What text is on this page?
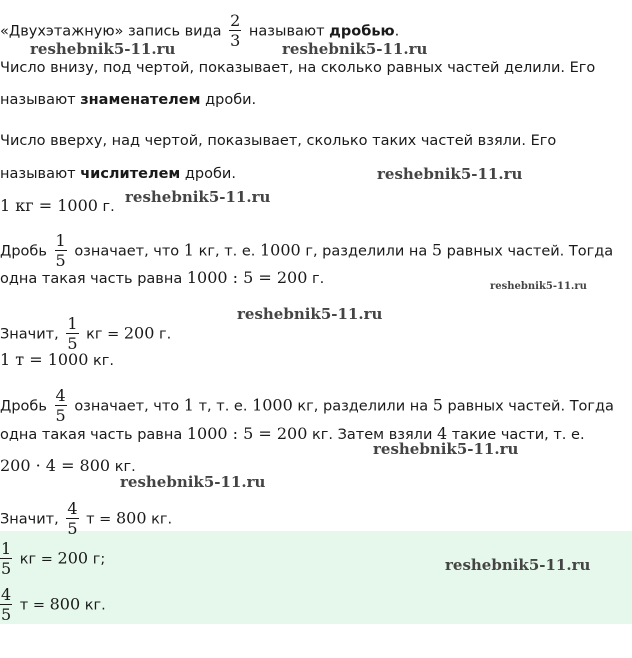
«Двухэтажную» запись вида $\frac{2}{3}$ называют дробью.
Число внизу, под чертой, показывает, на сколько равных частей делили. Его
называют знаменателем дроби.
Число вверху, над чертой, показывает, сколько таких частей взяли. Его
называют числителем дроби.
1 кг = 1000 г.
Дробь $\frac{1}{5}$ означает, что 1 кг, т. е. 1000 г, разделили на 5 равных частей. Тогда
одна такая часть равна 1000 : 5 = 200 г.
Значит, $\frac{1}{5}$ кг = 200 г.
1 т = 1000 кг.
Дробь $\frac{4}{5}$ означает, что 1 т, т. е. 1000 кг, разделили на 5 равных частей. Тогда
одна такая часть равна 1000 : 5 = 200 кг. Затем взяли 4 такие части, т. е.
200 · 4 = 800 кг.
Значит, $\frac{4}{5}$ т = 800 кг.
$\frac{1}{5}$ кг = 200 г;
$\frac{4}{5}$ т = 800 кг.
reshebnik5-11.ru	reshebnik5-11.ru
reshebnik5-11.ru
reshebnik5-11.ru
reshebnik5-11.ru
reshebnik5-11.ru
reshebnik5-11.ru
reshebnik5-11.ru
reshebnik5-11.ru
